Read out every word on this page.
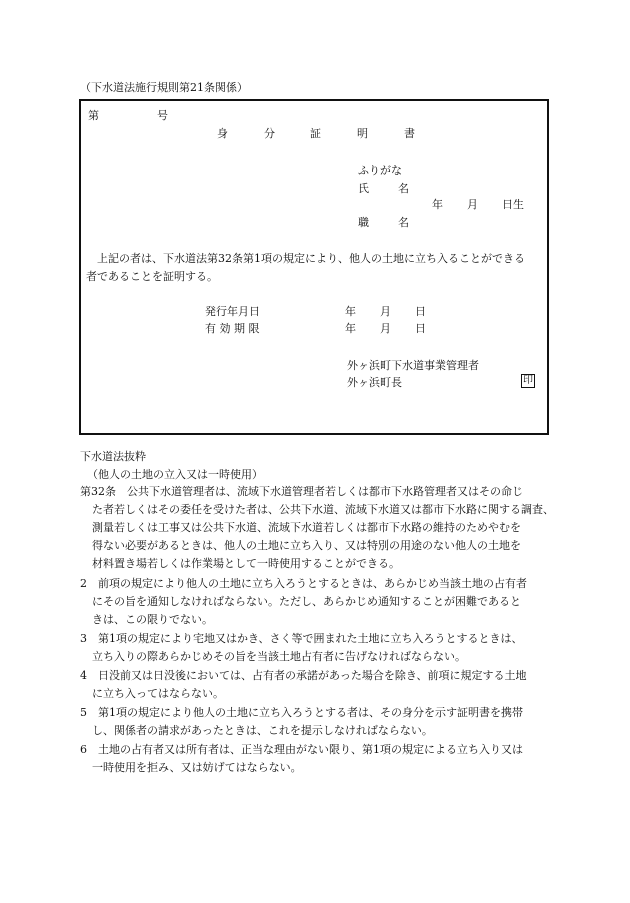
（下水道法施行規則第21条関係）
第	号
身	分	証	明	書
ふりがな
氏	名
年 月 日生
職	名
上記の者は、下水道法第32条第1項の規定により、他人の土地に立ち入ることができる
者であることを証明する。
発行年月日	年 月 日
有 効 期 限	年 月 日
外ヶ浜町下水道事業管理者
外ヶ浜町長	印
下水道法抜粋
（他人の土地の立入又は一時使用）
第32条　公共下水道管理者は、流域下水道管理者若しくは都市下水路管理者又はその命じ
た者若しくはその委任を受けた者は、公共下水道、流域下水道又は都市下水路に関する調査、
測量若しくは工事又は公共下水道、流域下水道若しくは都市下水路の維持のためやむを
得ない必要があるときは、他人の土地に立ち入り、又は特別の用途のない他人の土地を
材料置き場若しくは作業場として一時使用することができる。
2　前項の規定により他人の土地に立ち入ろうとするときは、あらかじめ当該土地の占有者
にその旨を通知しなければならない。ただし、あらかじめ通知することが困難であると
きは、この限りでない。
3　第1項の規定により宅地又はかき、さく等で囲まれた土地に立ち入ろうとするときは、
立ち入りの際あらかじめその旨を当該土地占有者に告げなければならない。
4　日没前又は日没後においては、占有者の承諾があった場合を除き、前項に規定する土地
に立ち入ってはならない。
5　第1項の規定により他人の土地に立ち入ろうとする者は、その身分を示す証明書を携帯
し、関係者の請求があったときは、これを提示しなければならない。
6　土地の占有者又は所有者は、正当な理由がない限り、第1項の規定による立ち入り又は
一時使用を拒み、又は妨げてはならない。
